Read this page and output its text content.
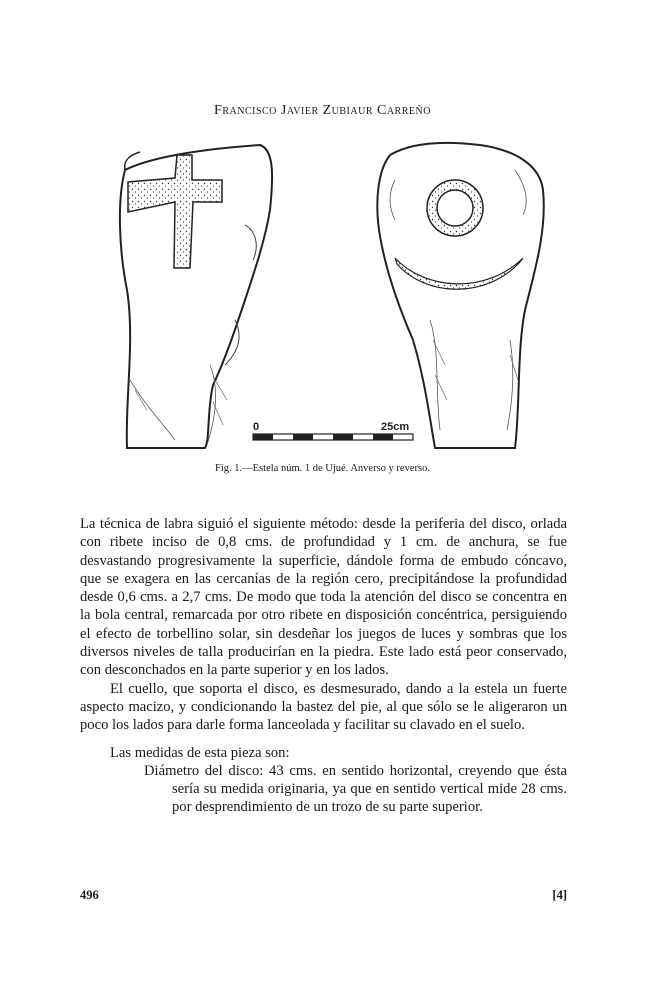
Francisco Javier Zubiaur Carreño
0	25cm
Fig. 1.—Estela núm. 1 de Ujué. Anverso y reverso.

La técnica de labra siguió el siguiente método: desde la periferia del disco, orlada con ribete inciso de 0,8 cms. de profundidad y 1 cm. de anchura, se fue desvastando progresivamente la superficie, dándole forma de embudo cóncavo, que se exagera en las cercanías de la región cero, precipitándose la profundidad desde 0,6 cms. a 2,7 cms. De modo que toda la atención del disco se concentra en la bola central, remarcada por otro ribete en disposición concéntrica, persiguiendo el efecto de torbellino solar, sin desdeñar los juegos de luces y sombras que los diversos niveles de talla producirían en la piedra. Este lado está peor conservado, con desconchados en la parte superior y en los lados.

El cuello, que soporta el disco, es desmesurado, dando a la estela un fuerte aspecto macizo, y condicionando la bastez del pie, al que sólo se le aligeraron un poco los lados para darle forma lanceolada y facilitar su clavado en el suelo.

Las medidas de esta pieza son:

Diámetro del disco: 43 cms. en sentido horizontal, creyendo que ésta sería su medida originaria, ya que en sentido vertical mide 28 cms. por desprendimiento de un trozo de su parte superior.

496	[4]
